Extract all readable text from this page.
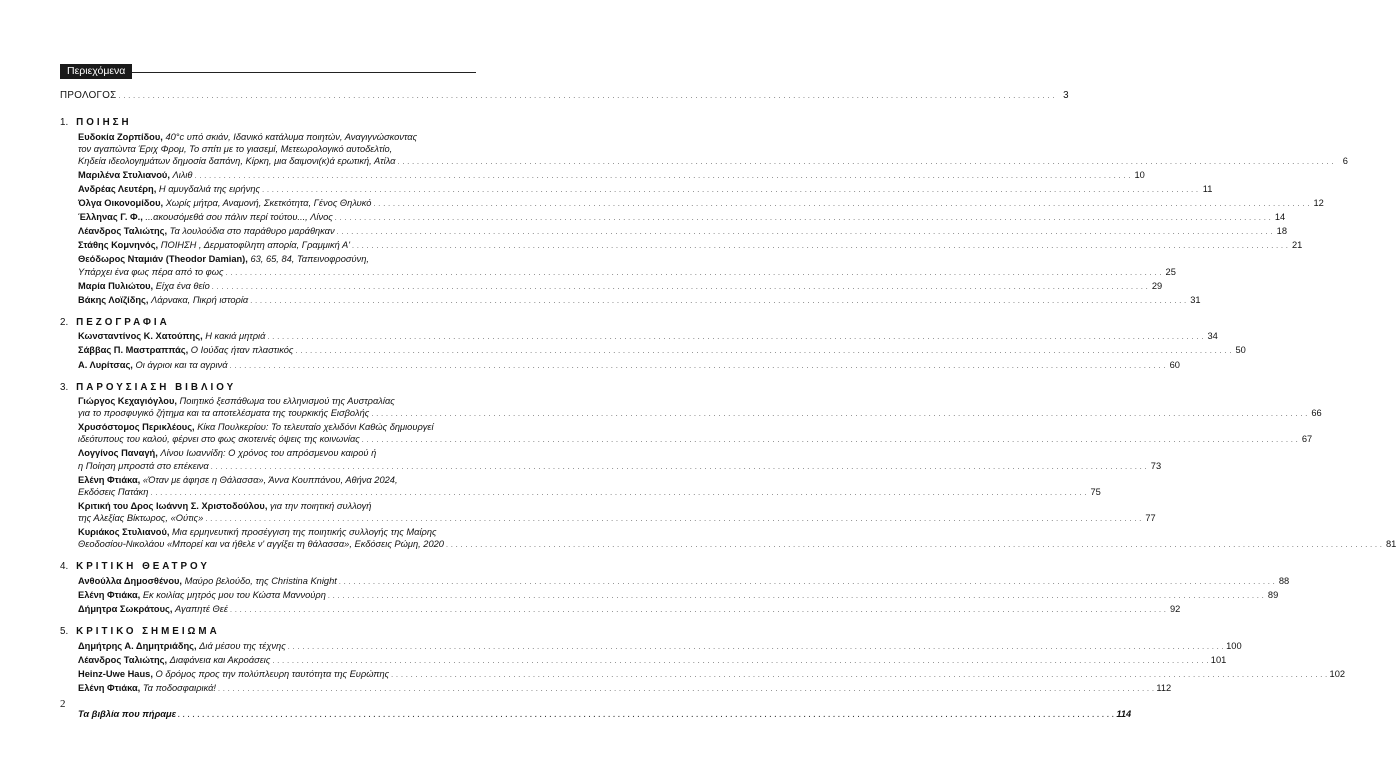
Περιεχόμενα
ΠΡΟΛΟΓΟΣ . . .	3
1. ΠΟΙΗΣΗ
Ευδοκία Ζορπίδου, 40°c υπό σκιάν, Ιδανικό κατάλυμα ποιητών, Αναγιγνώσκοντας
τον αγαπώντα Έριχ Φρομ, Το σπίτι με το γιασεμί, Μετεωρολογικό αυτοδελτίο,
Κηδεία ιδεολογημάτων δημοσία δαπάνη, Κίρκη, μια δαιμονι(κ)ά ερωτική, Ατίλα . . .	6
Μαριλένα Στυλιανού, Λιλιθ . . .	10
Ανδρέας Λευτέρη, Η αμυγδαλιά της ειρήνης . . .	11
Όλγα Οικονομίδου, Χωρίς μήτρα, Αναμονή, Σκετκότητα, Γένος Θηλυκό . . .	12
Έλληνας Γ. Φ., ...ακουσόμεθά σου πάλιν περί τούτου..., Λίνος . . .	14
Λέανδρος Ταλιώτης, Τα λουλούδια στο παράθυρο μαράθηκαν . . .	18
Στάθης Κομνηνός, ΠΟΙΗΣΗ , Δερματοφίλητη απορία, Γραμμική Α' . . .	21
Θεόδωρος Νταμιάν (Theodor Damian), 63, 65, 84, Ταπεινοφροσύνη,
Υπάρχει ένα φως πέρα από το φως . . .	25
Μαρία Πυλιώτου, Είχα ένα θείο . . .	29
Βάκης Λοϊζίδης, Λάρνακα, Πικρή ιστορία . . .	31
2. ΠΕΖΟΓΡΑΦΙΑ
Κωνσταντίνος Κ. Χατούπης, Η κακιά μητριά . . .	34
Σάββας Π. Μαστραππάς, Ο Ιούδας ήταν πλαστικός . . .	50
Α. Λυρίτσας, Οι άγριοι και τα αγρινά . . .	60
3. ΠΑΡΟΥΣΙΑΣΗ ΒΙΒΛΙΟΥ
Γιώργος Κεχαγιόγλου, Ποιητικό ξεσπάθωμα του ελληνισμού της Αυστραλίας
για το προσφυγικό ζήτημα και τα αποτελέσματα της τουρκικής Εισβολής . . .	66
Χρυσόστομος Περικλέους, Κίκα Πουλκερίου: Το τελευταίο χελιδόνι Καθώς δημιουργεί
ιδεότυπους του καλού, φέρνει στο φως σκοτεινές όψεις της κοινωνίας . . .	67
Λογγίνος Παναγή, Λίνου Ιωαννίδη: Ο χρόνος του απρόσμενου καιρού ή
η Ποίηση μπροστά στο επέκεινα . . .	73
Ελένη Φτιάκα, «Όταν με άφησε η Θάλασσα», Άννα Κουππάνου, Αθήνα 2024,
Εκδόσεις Πατάκη . . .	75
Κριτική του Δρος Ιωάννη Σ. Χριστοδούλου, για την ποιητική συλλογή
της Αλεξίας Βίκτωρος, «Ούτις» . . .	77
Κυριάκος Στυλιανού, Μια ερμηνευτική προσέγγιση της ποιητικής συλλογής της Μαίρης
Θεοδοσίου-Νικολάου «Μπορεί και να ήθελε ν' αγγίξει τη θάλασσα», Εκδόσεις Ρώμη, 2020 . . .	81
4. ΚΡΙΤΙΚΗ ΘΕΑΤΡΟΥ
Ανθούλλα Δημοσθένου, Μαύρο βελούδο, της Christina Knight . . .	88
Ελένη Φτιάκα, Εκ κοιλίας μητρός μου του Κώστα Μαννούρη . . .	89
Δήμητρα Σωκράτους, Αγαπητέ Θεέ . . .	92
5. ΚΡΙΤΙΚΟ ΣΗΜΕΙΩΜΑ
Δημήτρης Α. Δημητριάδης, Διά μέσου της τέχνης . . .	100
Λέανδρος Ταλιώτης, Διαφάνεια και Ακροάσεις . . .	101
Heinz-Uwe Haus, Ο δρόμος προς την πολύπλευρη ταυτότητα της Ευρώπης . . .	102
Ελένη Φτιάκα, Τα ποδοσφαιρικά! . . .	112
Τα βιβλία που πήραμε . . .	114
2
